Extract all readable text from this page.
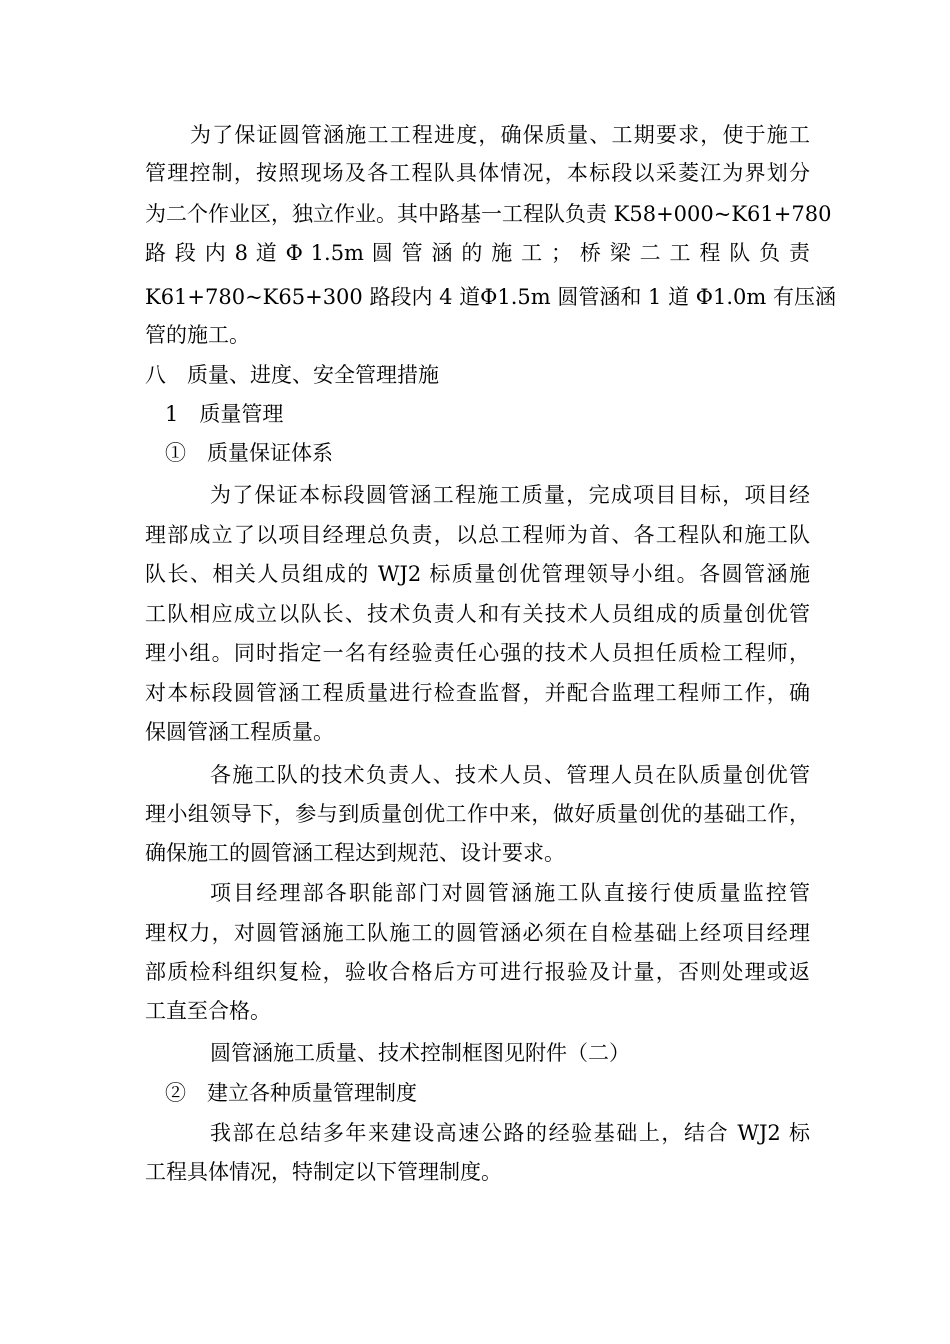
为了保证圆管涵施工工程进度，确保质量、工期要求，使于施工
管理控制，按照现场及各工程队具体情况，本标段以采菱江为界划分
为二个作业区，独立作业。其中路基一工程队负责 K58+000~K61+780
路 段 内 8 道 Φ 1.5m 圆 管 涵 的 施 工 ； 桥 梁 二 工 程 队 负 责
K61+780~K65+300 路段内 4 道Φ1.5m 圆管涵和 1 道 Φ1.0m 有压涵
管的施工。
八　质量、进度、安全管理措施
1　质量管理
①　质量保证体系
为了保证本标段圆管涵工程施工质量，完成项目目标，项目经
理部成立了以项目经理总负责，以总工程师为首、各工程队和施工队
队长、相关人员组成的 WJ2 标质量创优管理领导小组。各圆管涵施
工队相应成立以队长、技术负责人和有关技术人员组成的质量创优管
理小组。同时指定一名有经验责任心强的技术人员担任质检工程师，
对本标段圆管涵工程质量进行检查监督，并配合监理工程师工作，确
保圆管涵工程质量。
各施工队的技术负责人、技术人员、管理人员在队质量创优管
理小组领导下，参与到质量创优工作中来，做好质量创优的基础工作，
确保施工的圆管涵工程达到规范、设计要求。
项目经理部各职能部门对圆管涵施工队直接行使质量监控管
理权力，对圆管涵施工队施工的圆管涵必须在自检基础上经项目经理
部质检科组织复检，验收合格后方可进行报验及计量，否则处理或返
工直至合格。
圆管涵施工质量、技术控制框图见附件（二）
②　建立各种质量管理制度
我部在总结多年来建设高速公路的经验基础上，结合 WJ2 标
工程具体情况，特制定以下管理制度。
